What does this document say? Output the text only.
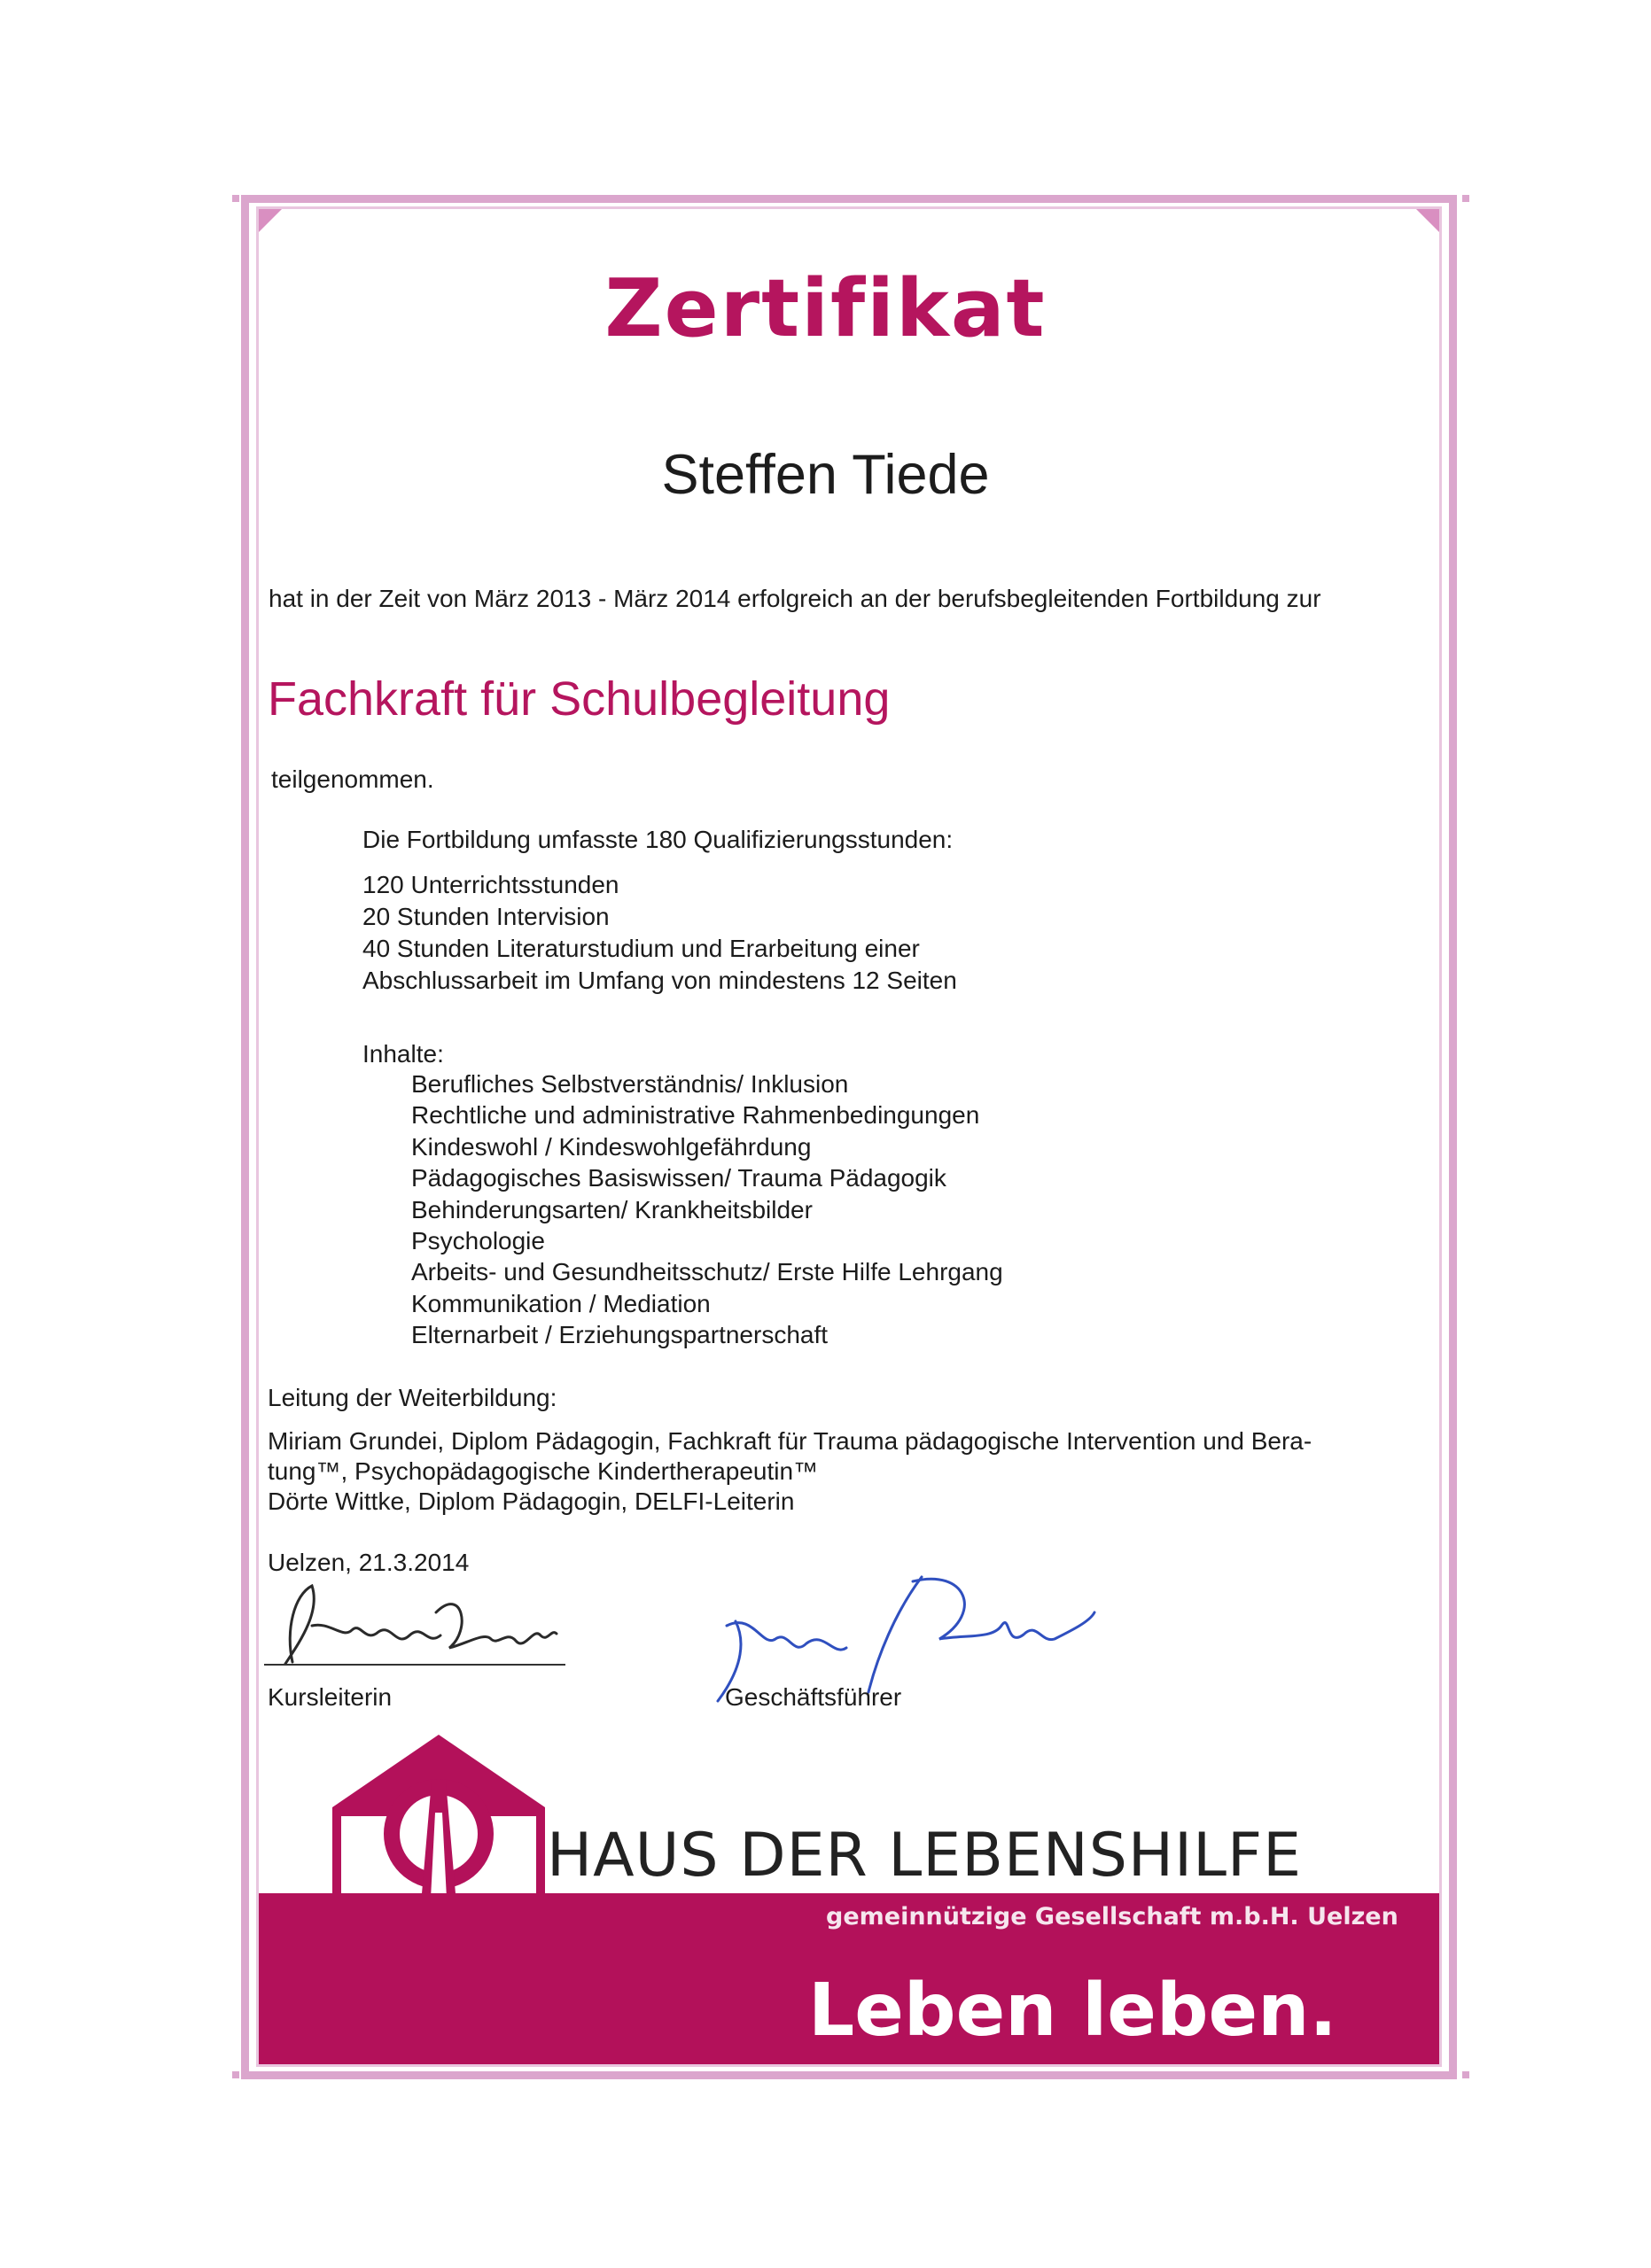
Zertifikat
Steffen Tiede
hat in der Zeit von März 2013 - März 2014 erfolgreich an der berufsbegleitenden Fortbildung zur
Fachkraft für Schulbegleitung
teilgenommen.
Die Fortbildung umfasste 180 Qualifizierungsstunden:
120 Unterrichtsstunden
20 Stunden Intervision
40 Stunden Literaturstudium und Erarbeitung einer
Abschlussarbeit im Umfang von mindestens 12 Seiten
Inhalte:
Berufliches Selbstverständnis/ Inklusion
Rechtliche und administrative Rahmenbedingungen
Kindeswohl / Kindeswohlgefährdung
Pädagogisches Basiswissen/ Trauma Pädagogik
Behinderungsarten/ Krankheitsbilder
Psychologie
Arbeits- und Gesundheitsschutz/ Erste Hilfe Lehrgang
Kommunikation / Mediation
Elternarbeit / Erziehungspartnerschaft
Leitung der Weiterbildung:
Miriam Grundei, Diplom Pädagogin, Fachkraft für Trauma pädagogische Intervention und Bera-
tung™, Psychopädagogische Kindertherapeutin™
Dörte Wittke, Diplom Pädagogin, DELFI-Leiterin
Uelzen, 21.3.2014
Kursleiterin	Geschäftsführer
HAUS DER LEBENSHILFE
gemeinnützige Gesellschaft m.b.H. Uelzen
Leben leben.
